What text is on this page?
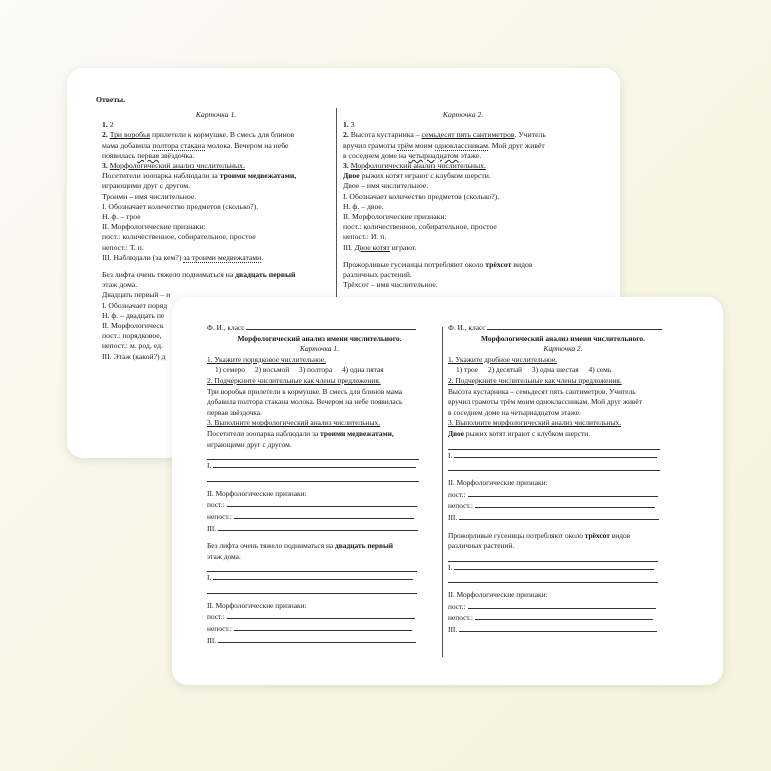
Ответы.

Карточка 1.

1. 2

2. Три воробья прилетели к кормушке. В смесь для блинов

мама добавила полтора стакана молока. Вечером на небе

появилась первая звёздочка.

3. Морфологический анализ числительных.

Посетители зоопарка наблюдали за троими медвежатами,

играющими друг с другом.

Троими – имя числительное.

I. Обозначает количество предметов (сколько?).

Н. ф. – трое

II. Морфологические признаки:

пост.: количественное, собирательное, простое

непост.: Т. п.

III. Наблюдали (за кем?) за троими медвежатами.

Без лифта очень тяжело подниматься на двадцать первый

этаж дома.

Двадцать первый – и

I. Обозначает поряд

Н. ф. – двадцать пе

II. Морфологическ

пост.: порядковое,

непост.: м. род, ед.

III. Этаж (какой?) д

Карточка 2.

1. 3

2. Высота кустарника – семьдесят пять сантиметров. Учитель

вручил грамоты трём моим одноклассникам. Мой друг живёт

в соседнем доме на четырнадцатом этаже.

3. Морфологический анализ числительных.

Двое рыжих котят играют с клубком шерсти.

Двое – имя числительное.

I. Обозначает количество предметов (сколько?).

Н. ф. – двое.

II. Морфологические признаки:

пост.: количественное, собирательное, простое

непост.: И. п.

III. Двое котят играют.

Прожорливые гусеницы потребляют около трёхсот видов

различных растений.

Трёхсот – имя числительное.

Ф. И., класс

Морфологический анализ имени числительного.

Карточка 1.

1. Укажите порядковое числительное.

1) семеро 2) восьмой 3) полтора 4) одна пятая

2. Подчеркните числительные как члены предложения.

Три воробья прилетели к кормушке. В смесь для блинов мама

добавила полтора стакана молока. Вечером на небе появилась

первая звёздочка.

3. Выполните морфологический анализ числительных.

Посетители зоопарка наблюдали за троими медвежатами,

играющими друг с другом.

I.

II. Морфологические признаки:

пост.:

непост.:

III.

Без лифта очень тяжело подниматься на двадцать первый

этаж дома.

I.

II. Морфологические признаки:

пост.:

непост.:

III.

Ф. И., класс

Морфологический анализ имени числительного.

Карточка 2.

1. Укажите дробное числительное.

1) трое 2) десятый 3) одна шестая 4) семь

2. Подчеркните числительные как члены предложения.

Высота кустарника – семьдесят пять сантиметров. Учитель

вручил грамоты трём моим одноклассникам. Мой друг живёт

в соседнем доме на четырнадцатом этаже.

3. Выполните морфологический анализ числительных.

Двое рыжих котят играют с клубком шерсти.

I.

II. Морфологические признаки:

пост.:

непост.:

III.

Прожорливые гусеницы потребляют около трёхсот видов

различных растений.

I.

II. Морфологические признаки:

пост.:

непост.:

III.
